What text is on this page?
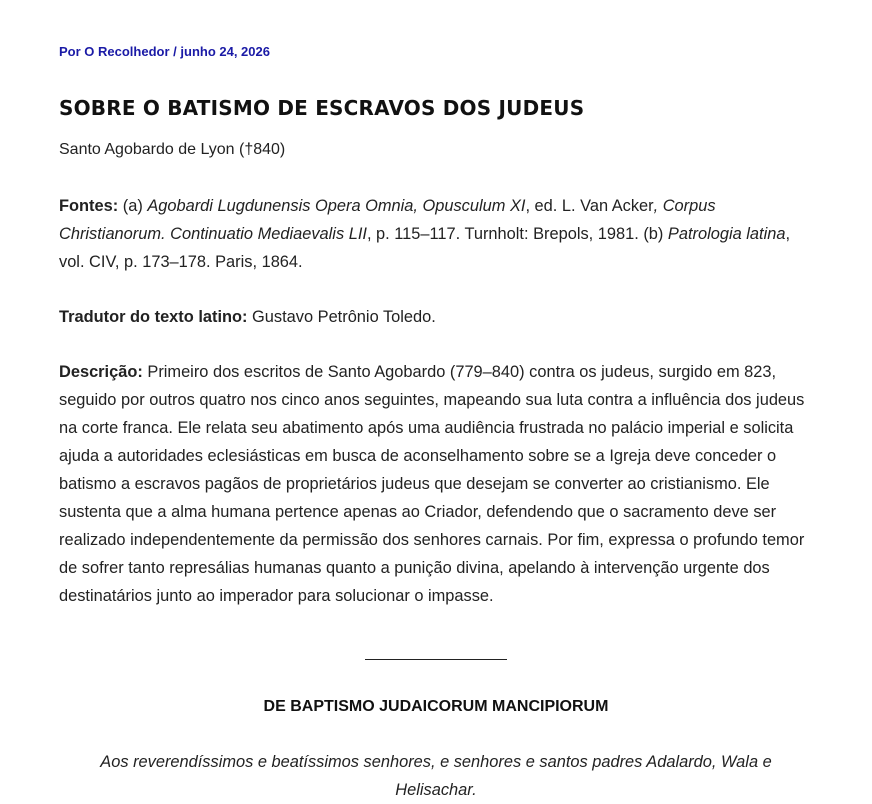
Por O Recolhedor / junho 24, 2026
SOBRE O BATISMO DE ESCRAVOS DOS JUDEUS
Santo Agobardo de Lyon (†840)

Fontes: (a) Agobardi Lugdunensis Opera Omnia, Opusculum XI, ed. L. Van Acker, Corpus Christianorum. Continuatio Mediaevalis LII, p. 115–117. Turnholt: Brepols, 1981. (b) Patrologia latina, vol. CIV, p. 173–178. Paris, 1864.

Tradutor do texto latino: Gustavo Petrônio Toledo.

Descrição: Primeiro dos escritos de Santo Agobardo (779–840) contra os judeus, surgido em 823, seguido por outros quatro nos cinco anos seguintes, mapeando sua luta contra a influência dos judeus na corte franca. Ele relata seu abatimento após uma audiência frustrada no palácio imperial e solicita ajuda a autoridades eclesiásticas em busca de aconselhamento sobre se a Igreja deve conceder o batismo a escravos pagãos de proprietários judeus que desejam se converter ao cristianismo. Ele sustenta que a alma humana pertence apenas ao Criador, defendendo que o sacramento deve ser realizado independentemente da permissão dos senhores carnais. Por fim, expressa o profundo temor de sofrer tanto represálias humanas quanto a punição divina, apelando à intervenção urgente dos destinatários junto ao imperador para solucionar o impasse.

DE BAPTISMO JUDAICORUM MANCIPIORUM

Aos reverendíssimos e beatíssimos senhores, e senhores e santos padres Adalardo, Wala e Helisachar.
